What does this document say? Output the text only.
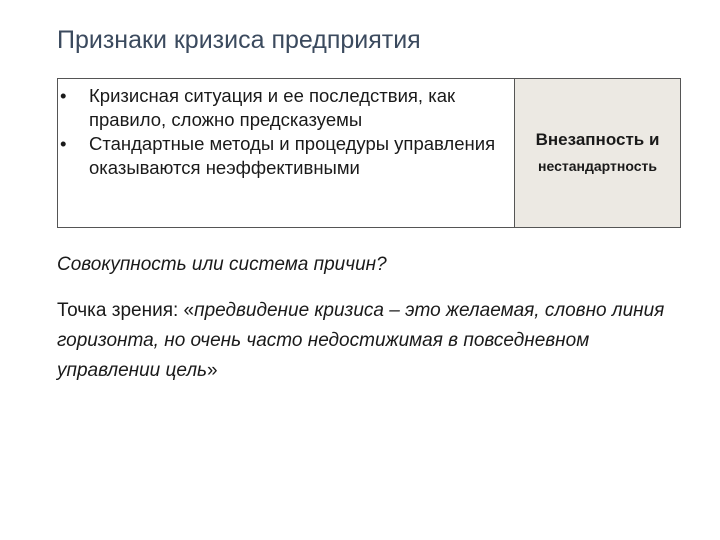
Признаки кризиса предприятия
• Кризисная ситуация и ее последствия, как правило, сложно предсказуемы
• Стандартные методы и процедуры управления оказываются неэффективными
Внезапность и
нестандартность
Совокупность или система причин?
Точка зрения: «предвидение кризиса – это желаемая, словно линия горизонта, но очень часто недостижимая в повседневном управлении цель»
